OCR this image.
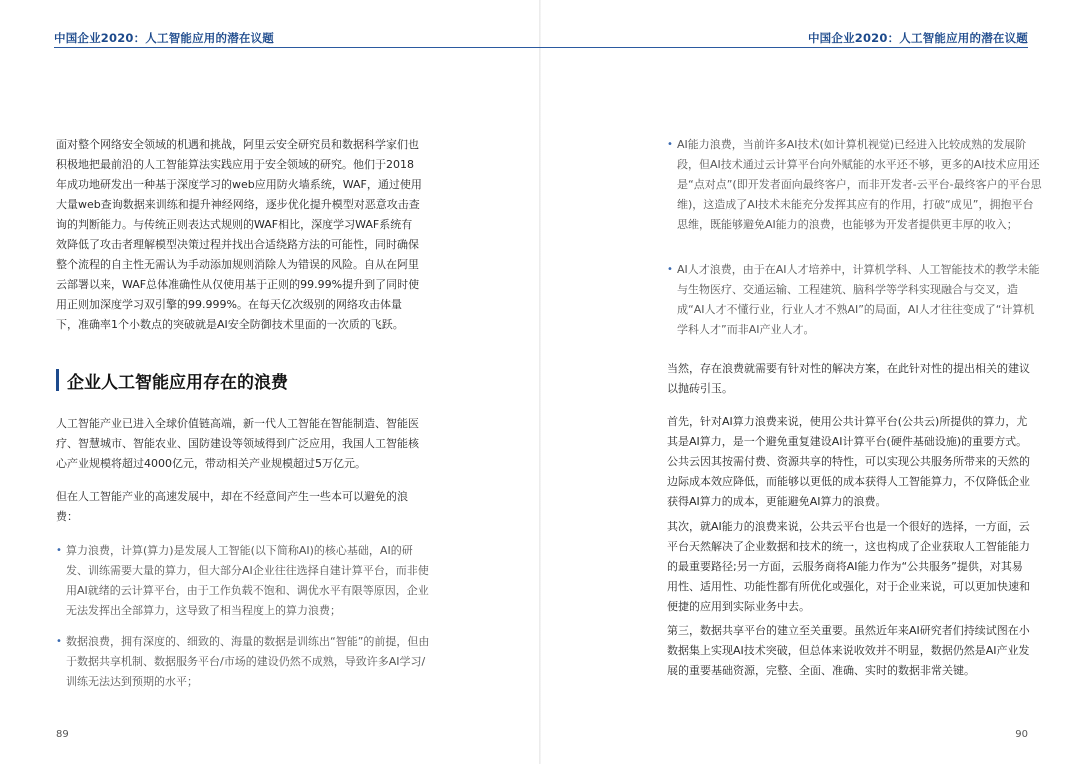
中国企业2020：人工智能应用的潜在议题

面对整个网络安全领域的机遇和挑战，阿里云安全研究员和数据科学家们也积极地把最前沿的人工智能算法实践应用于安全领域的研究。他们于2018年成功地研发出一种基于深度学习的web应用防火墙系统，WAF，通过使用大量web查询数据来训练和提升神经网络，逐步优化提升模型对恶意攻击查询的判断能力。与传统正则表达式规则的WAF相比，深度学习WAF系统有效降低了攻击者理解模型决策过程并找出合适绕路方法的可能性，同时确保整个流程的自主性无需认为手动添加规则消除人为错误的风险。自从在阿里云部署以来，WAF总体准确性从仅使用基于正则的99.99%提升到了同时使用正则加深度学习双引擎的99.999%。在每天亿次级别的网络攻击体量下，准确率1个小数点的突破就是AI安全防御技术里面的一次质的飞跃。

企业人工智能应用存在的浪费

人工智能产业已进入全球价值链高端，新一代人工智能在智能制造、智能医疗、智慧城市、智能农业、国防建设等领域得到广泛应用，我国人工智能核心产业规模将超过4000亿元，带动相关产业规模超过5万亿元。

但在人工智能产业的高速发展中，却在不经意间产生一些本可以避免的浪费：

• 算力浪费，计算(算力)是发展人工智能(以下简称AI)的核心基础，AI的研发、训练需要大量的算力，但大部分AI企业往往选择自建计算平台，而非使用AI就绪的云计算平台，由于工作负载不饱和、调优水平有限等原因，企业无法发挥出全部算力，这导致了相当程度上的算力浪费；
• 数据浪费，拥有深度的、细致的、海量的数据是训练出“智能”的前提，但由于数据共享机制、数据服务平台/市场的建设仍然不成熟，导致许多AI学习/训练无法达到预期的水平；
89
中国企业2020：人工智能应用的潜在议题
• AI能力浪费，当前许多AI技术(如计算机视觉)已经进入比较成熟的发展阶段，但AI技术通过云计算平台向外赋能的水平还不够，更多的AI技术应用还是“点对点”(即开发者面向最终客户，而非开发者-云平台-最终客户的平台思维)，这造成了AI技术未能充分发挥其应有的作用，打破“成见”，拥抱平台思维，既能够避免AI能力的浪费，也能够为开发者提供更丰厚的收入；
• AI人才浪费，由于在AI人才培养中，计算机学科、人工智能技术的教学未能与生物医疗、交通运输、工程建筑、脑科学等学科实现融合与交叉，造成“AI人才不懂行业，行业人才不熟AI”的局面，AI人才往往变成了“计算机学科人才”而非AI产业人才。

当然，存在浪费就需要有针对性的解决方案，在此针对性的提出相关的建议以抛砖引玉。

首先，针对AI算力浪费来说，使用公共计算平台(公共云)所提供的算力，尤其是AI算力，是一个避免重复建设AI计算平台(硬件基础设施)的重要方式。公共云因其按需付费、资源共享的特性，可以实现公共服务所带来的天然的边际成本效应降低，而能够以更低的成本获得人工智能算力，不仅降低企业获得AI算力的成本，更能避免AI算力的浪费。

其次，就AI能力的浪费来说，公共云平台也是一个很好的选择，一方面，云平台天然解决了企业数据和技术的统一，这也构成了企业获取人工智能能力的最重要路径;另一方面，云服务商将AI能力作为“公共服务”提供，对其易用性、适用性、功能性都有所优化或强化，对于企业来说，可以更加快速和便捷的应用到实际业务中去。

第三，数据共享平台的建立至关重要。虽然近年来AI研究者们持续试图在小数据集上实现AI技术突破，但总体来说收效并不明显，数据仍然是AI产业发展的重要基础资源，完整、全面、准确、实时的数据非常关键。

90
